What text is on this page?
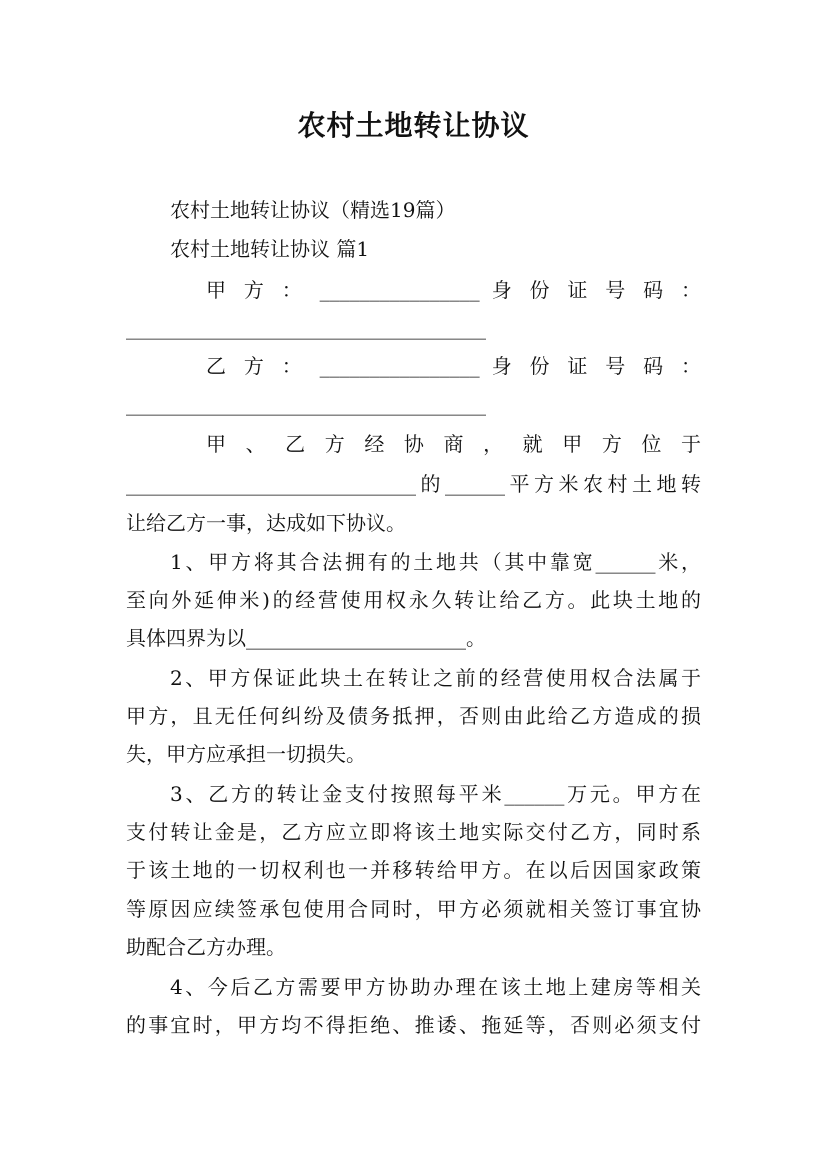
农村土地转让协议
农村土地转让协议（精选19篇）
农村土地转让协议 篇1
甲 方 ： ________________ 身 份 证 号 码 ：
____________________________________
乙 方 ： ________________ 身 份 证 号 码 ：
____________________________________
甲 、 乙 方 经 协 商 ， 就 甲 方 位 于
_____________________________的______平方米农村土地转
让给乙方一事，达成如下协议。
1、甲方将其合法拥有的土地共（其中靠宽______米，
至向外延伸米)的经营使用权永久转让给乙方。此块土地的
具体四界为以______________________。
2、甲方保证此块土在转让之前的经营使用权合法属于
甲方，且无任何纠纷及债务抵押，否则由此给乙方造成的损
失，甲方应承担一切损失。
3、乙方的转让金支付按照每平米______万元。甲方在
支付转让金是，乙方应立即将该土地实际交付乙方，同时系
于该土地的一切权利也一并移转给甲方。在以后因国家政策
等原因应续签承包使用合同时，甲方必须就相关签订事宜协
助配合乙方办理。
4、今后乙方需要甲方协助办理在该土地上建房等相关
的事宜时，甲方均不得拒绝、推诿、拖延等，否则必须支付
